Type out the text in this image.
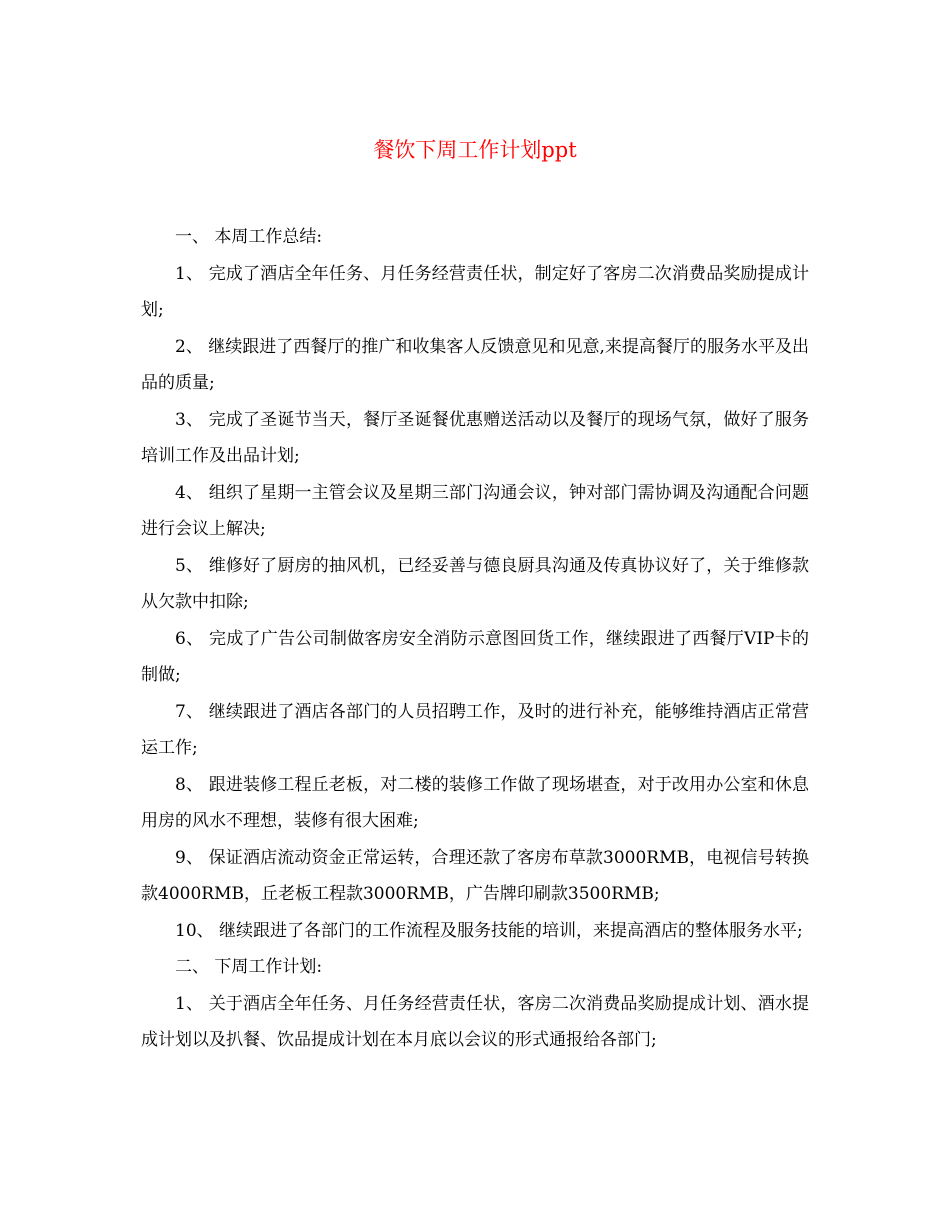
餐饮下周工作计划ppt

一、 本周工作总结:

1、 完成了酒店全年任务、月任务经营责任状，制定好了客房二次消费品奖励提成计划;

2、 继续跟进了西餐厅的推广和收集客人反馈意见和见意,来提高餐厅的服务水平及出品的质量;

3、 完成了圣诞节当天，餐厅圣诞餐优惠赠送活动以及餐厅的现场气氛，做好了服务培训工作及出品计划;

4、 组织了星期一主管会议及星期三部门沟通会议，钟对部门需协调及沟通配合问题进行会议上解决;

5、 维修好了厨房的抽风机，已经妥善与德良厨具沟通及传真协议好了，关于维修款从欠款中扣除;

6、 完成了广告公司制做客房安全消防示意图回货工作，继续跟进了西餐厅VIP卡的制做;

7、 继续跟进了酒店各部门的人员招聘工作，及时的进行补充，能够维持酒店正常营运工作;

8、 跟进装修工程丘老板，对二楼的装修工作做了现场堪查，对于改用办公室和休息用房的风水不理想，装修有很大困难;

9、 保证酒店流动资金正常运转，合理还款了客房布草款3000RMB，电视信号转换款4000RMB，丘老板工程款3000RMB，广告牌印刷款3500RMB;

10、 继续跟进了各部门的工作流程及服务技能的培训，来提高酒店的整体服务水平;

二、 下周工作计划:

1、 关于酒店全年任务、月任务经营责任状，客房二次消费品奖励提成计划、酒水提成计划以及扒餐、饮品提成计划在本月底以会议的形式通报给各部门;
